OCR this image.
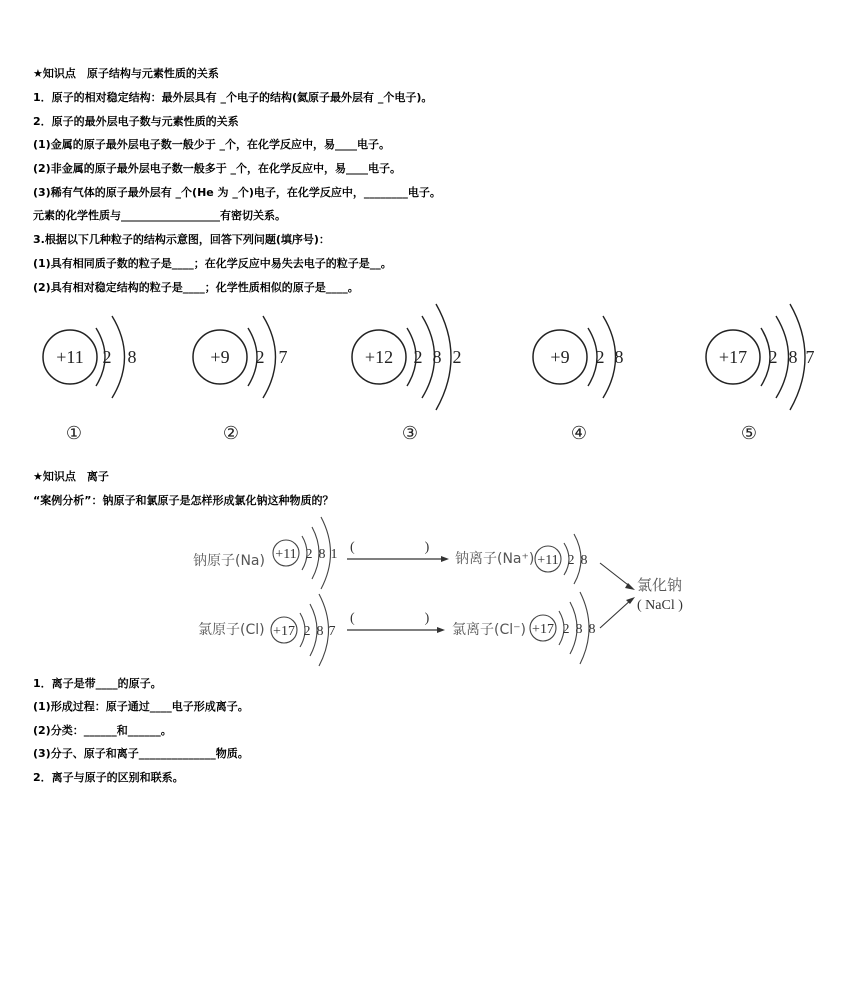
★知识点　原子结构与元素性质的关系
1．原子的相对稳定结构：最外层具有 _个电子的结构(氦原子最外层有 _个电子)。
2．原子的最外层电子数与元素性质的关系
(1)金属的原子最外层电子数一般少于 _个，在化学反应中，易____电子。
(2)非金属的原子最外层电子数一般多于 _个，在化学反应中，易____电子。
(3)稀有气体的原子最外层有 _个(He 为 _个)电子，在化学反应中，________电子。
元素的化学性质与__________________有密切关系。
3.根据以下几种粒子的结构示意图，回答下列问题(填序号)：
(1)具有相同质子数的粒子是____；在化学反应中易失去电子的粒子是__。
(2)具有相对稳定结构的粒子是____；化学性质相似的原子是____。
+11 2 8
①
+9 2 7
②
+12 2 8 2
③
+9 2 8
④
+17 2 8 7
⑤
钠原子(Na) +11 2 8 1 (　　　　　)
钠离子(Na⁺) +11 2 8
氯原子(Cl) +17 2 8 7
(　　　　　)
氯离子(Cl⁻) +17 2 8 8
氯化钠
( NaCl )
★知识点　离子
“案例分析”：钠原子和氯原子是怎样形成氯化钠这种物质的？
1．离子是带____的原子。
(1)形成过程：原子通过____电子形成离子。
(2)分类：______和______。
(3)分子、原子和离子______________物质。
2．离子与原子的区别和联系。
